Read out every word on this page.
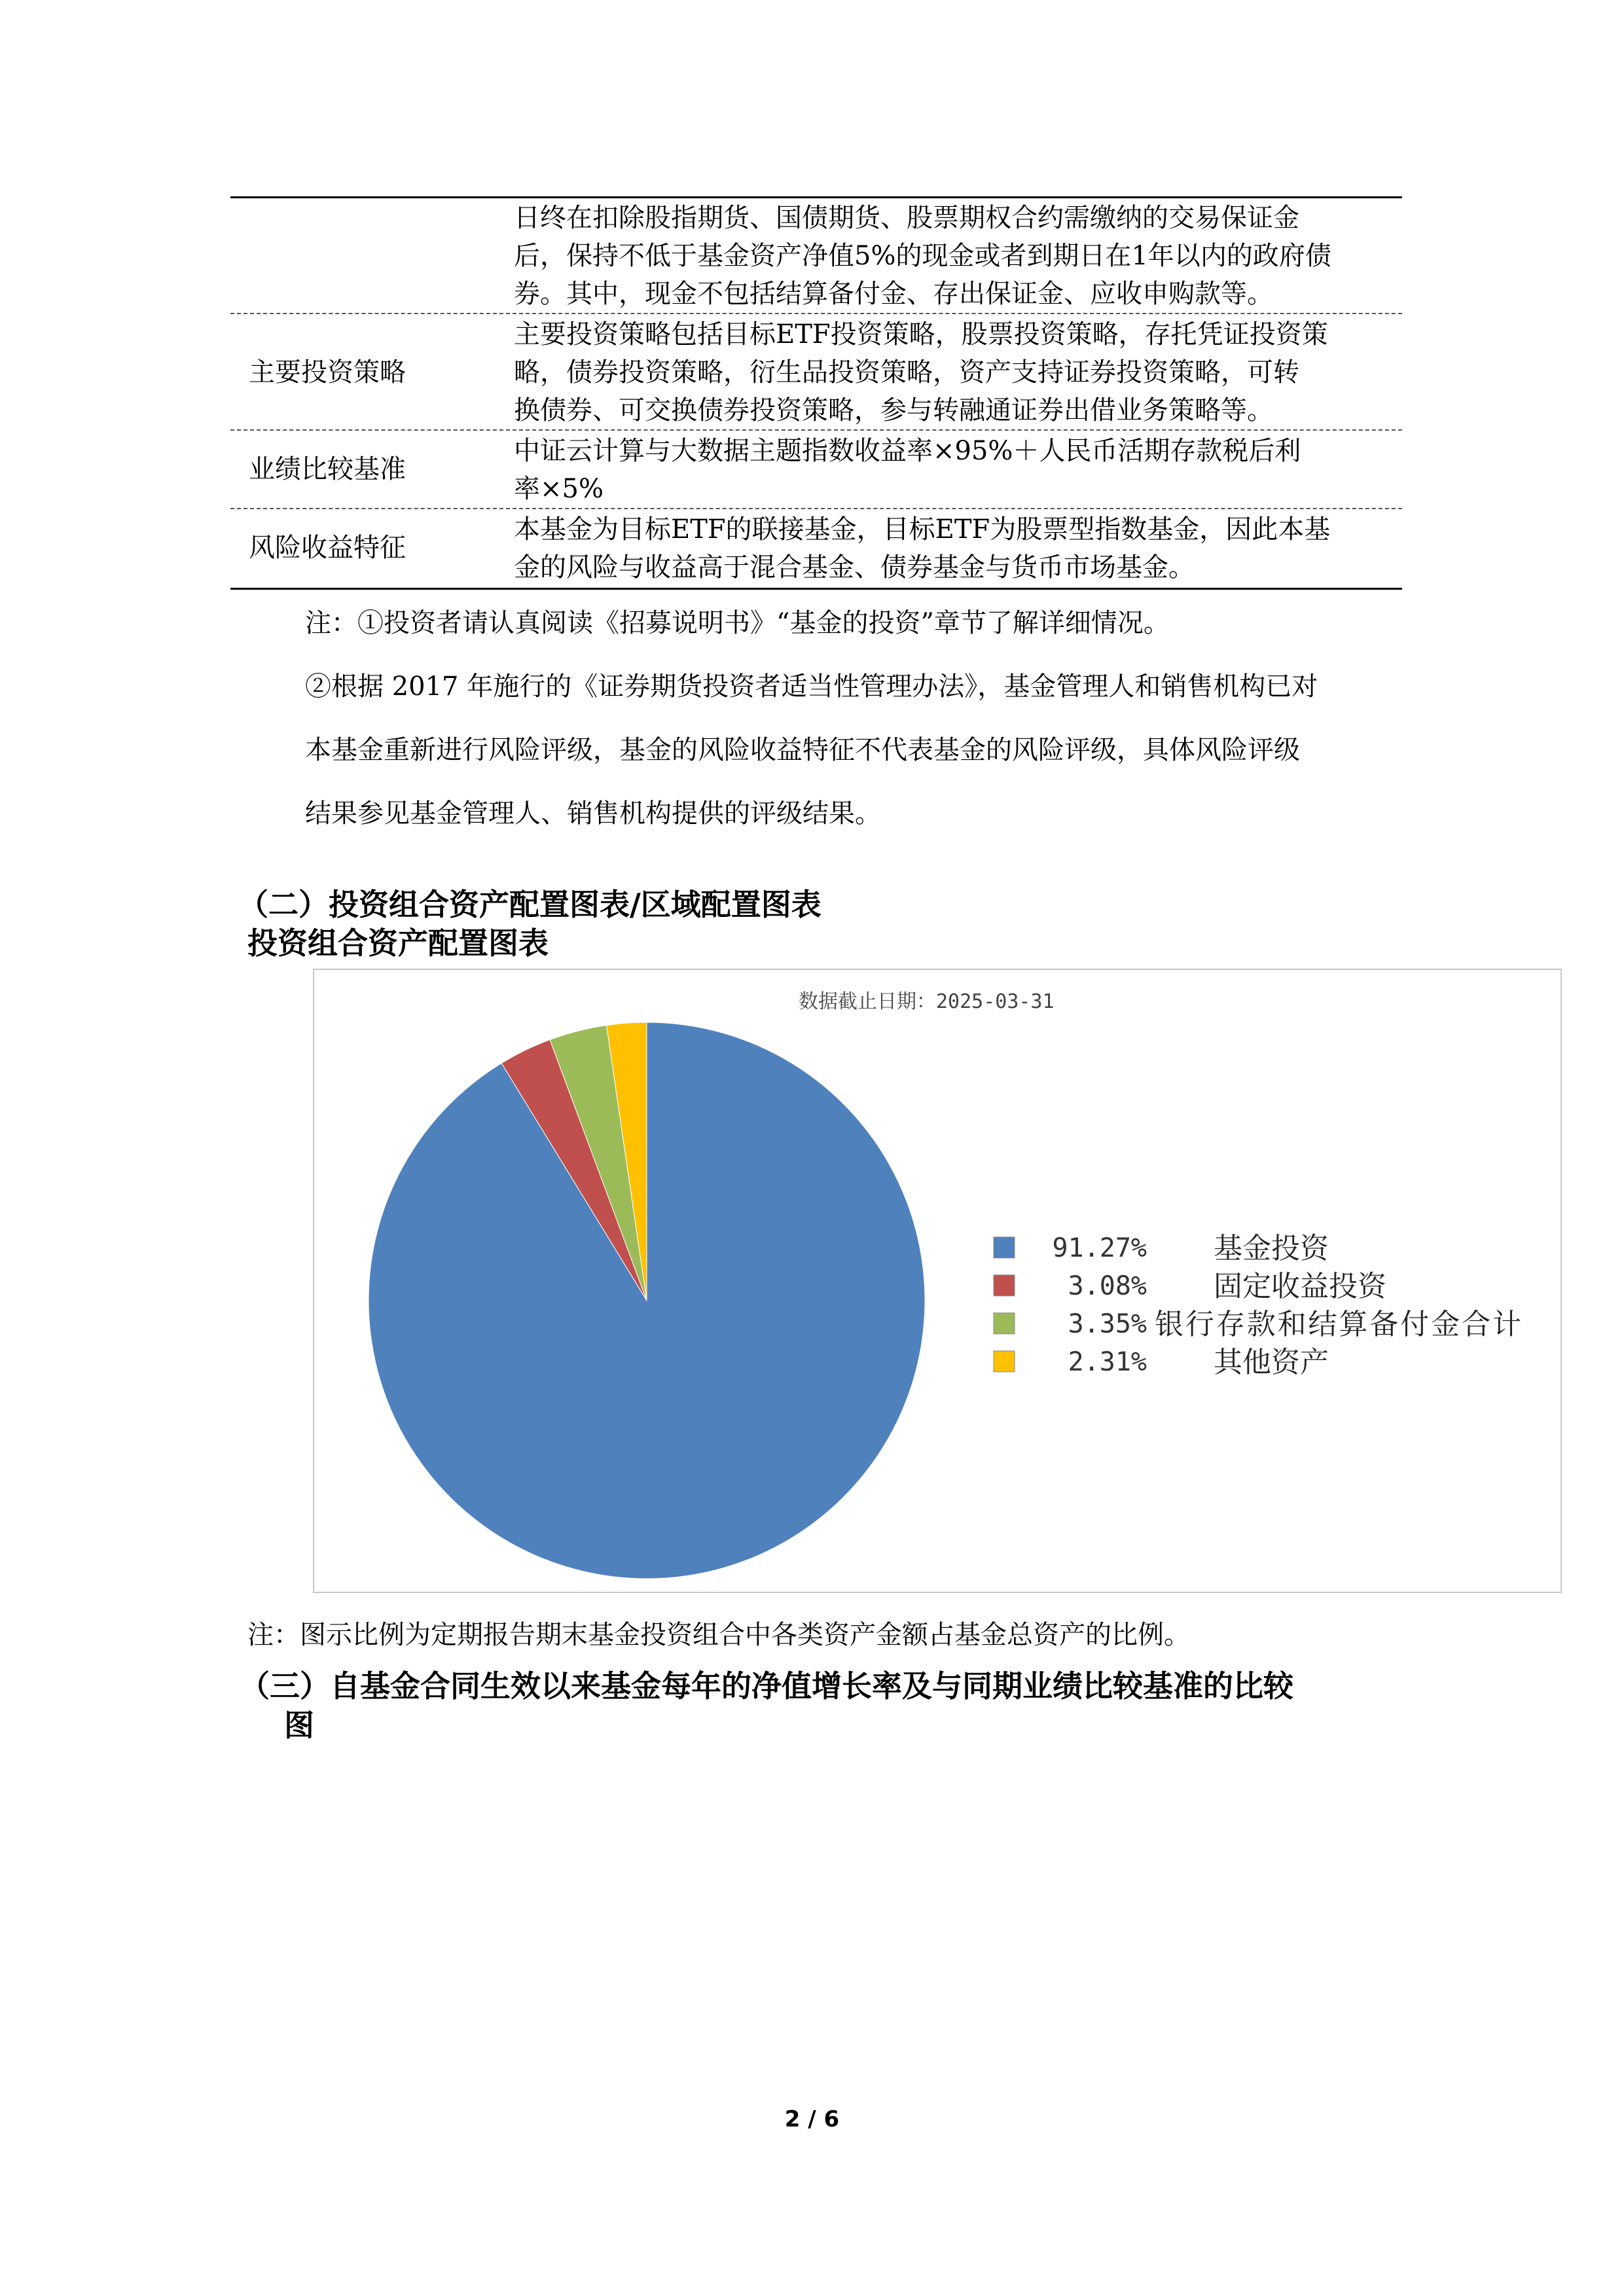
日终在扣除股指期货、国债期货、股票期权合约需缴纳的交易保证金
后，保持不低于基金资产净值5%的现金或者到期日在1年以内的政府债
券。其中，现金不包括结算备付金、存出保证金、应收申购款等。
主要投资策略
主要投资策略包括目标ETF投资策略，股票投资策略，存托凭证投资策
略，债券投资策略，衍生品投资策略，资产支持证券投资策略，可转
换债券、可交换债券投资策略，参与转融通证券出借业务策略等。
业绩比较基准
中证云计算与大数据主题指数收益率×95%＋人民币活期存款税后利
率×5%
风险收益特征
本基金为目标ETF的联接基金，目标ETF为股票型指数基金，因此本基
金的风险与收益高于混合基金、债券基金与货币市场基金。
注：①投资者请认真阅读《招募说明书》“基金的投资”章节了解详细情况。
②根据 2017 年施行的《证券期货投资者适当性管理办法》，基金管理人和销售机构已对
本基金重新进行风险评级，基金的风险收益特征不代表基金的风险评级，具体风险评级
结果参见基金管理人、销售机构提供的评级结果。
（二）投资组合资产配置图表/区域配置图表
投资组合资产配置图表
数据截止日期：2025-03-31
91.27% 基金投资
3.08% 固定收益投资
3.35% 银行存款和结算备付金合计
2.31% 其他资产
注：图示比例为定期报告期末基金投资组合中各类资产金额占基金总资产的比例。
（三）自基金合同生效以来基金每年的净值增长率及与同期业绩比较基准的比较
图
2 / 6
